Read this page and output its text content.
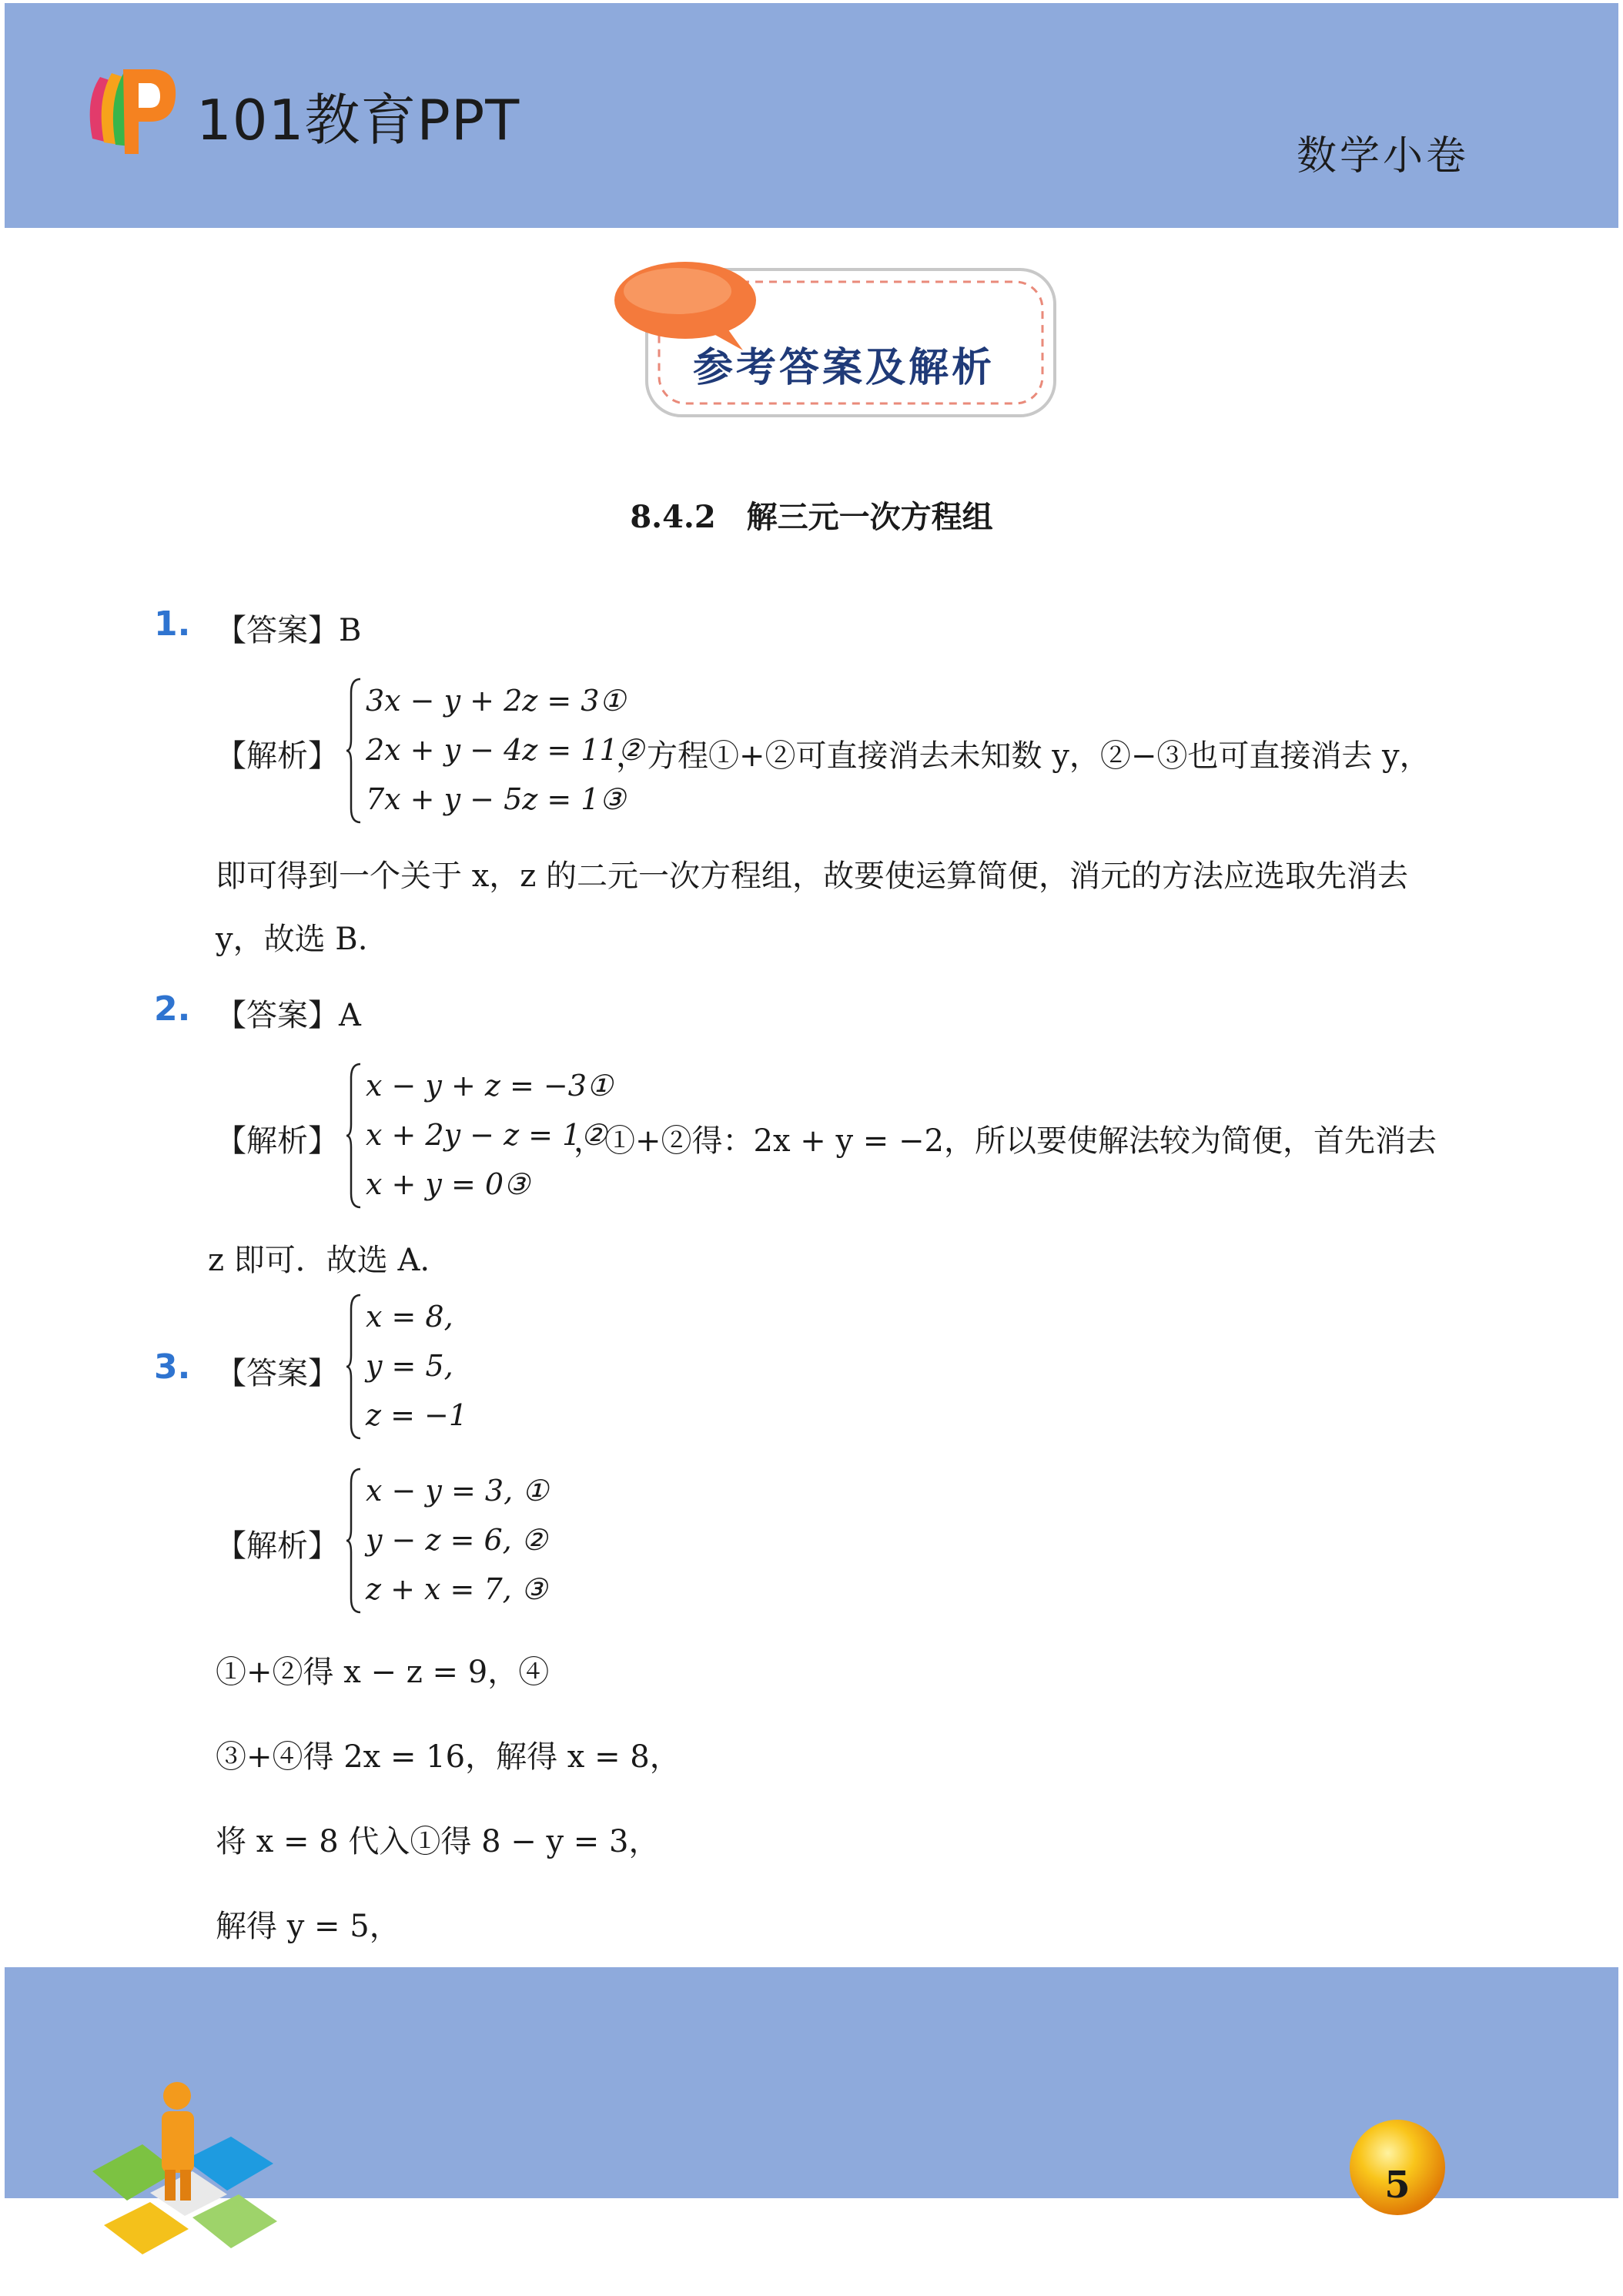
101教育PPT
数学小卷
参考答案及解析
8.4.2　解三元一次方程组
1. 【答案】B
【解析】
3x − y + 2z = 3①
2x + y − 4z = 11②
7x + y − 5z = 1③
，方程①+②可直接消去未知数 y，②−③也可直接消去 y，
即可得到一个关于 x，z 的二元一次方程组，故要使运算简便，消元的方法应选取先消去
y，故选 B.
2. 【答案】A
【解析】
x − y + z = −3①
x + 2y − z = 1②
x + y = 0③
，①+②得：2x + y = −2，所以要使解法较为简便，首先消去
z 即可．故选 A.
3. 【答案】
x = 8,
y = 5,
z = −1
【解析】
x − y = 3, ①
y − z = 6, ②
z + x = 7, ③
①+②得 x − z = 9，④
③+④得 2x = 16，解得 x = 8，
将 x = 8 代入①得 8 − y = 3，
解得 y = 5，
5
